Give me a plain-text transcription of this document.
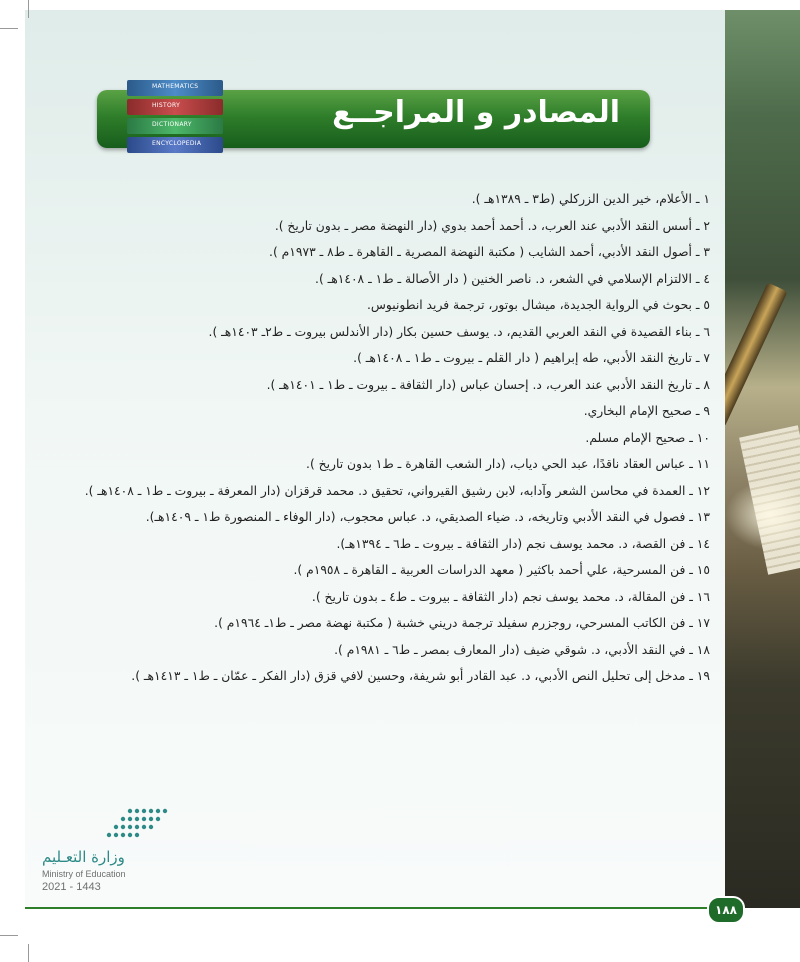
المصادر و المراجــع
MATHEMATICS
HISTORY
DICTIONARY
ENCYCLOPEDIA
١ ـ الأعلام، خير الدين الزركلي (ط٣ ـ ١٣٨٩هـ ).
٢ ـ أسس النقد الأدبي عند العرب، د. أحمد أحمد بدوي (دار النهضة مصر ـ بدون تاريخ ).
٣ ـ أصول النقد الأدبي، أحمد الشايب ( مكتبة النهضة المصرية ـ القاهرة ـ ط٨ ـ ١٩٧٣م ).
٤ ـ الالتزام الإسلامي في الشعر، د. ناصر الخنين ( دار الأصالة ـ ط١ ـ ١٤٠٨هـ ).
٥ ـ بحوث في الرواية الجديدة، ميشال بوتور، ترجمة فريد انطونيوس.
٦ ـ بناء القصيدة في النقد العربي القديم، د. يوسف حسين بكار (دار الأندلس بيروت ـ ط٢ـ ١٤٠٣هـ ).
٧ ـ تاريخ النقد الأدبي، طه إبراهيم ( دار القلم ـ بيروت ـ ط١ ـ ١٤٠٨هـ ).
٨ ـ تاريخ النقد الأدبي عند العرب، د. إحسان عباس (دار الثقافة ـ بيروت ـ ط١ ـ ١٤٠١هـ ).
٩ ـ صحيح الإمام البخاري.
١٠ ـ صحيح الإمام مسلم.
١١ ـ عباس العقاد ناقدًا، عبد الحي دياب، (دار الشعب القاهرة ـ ط١ بدون تاريخ ).
١٢ ـ العمدة في محاسن الشعر وآدابه، لابن رشيق القيرواني، تحقيق د. محمد قرقزان (دار المعرفة ـ بيروت ـ ط١ ـ ١٤٠٨هـ ).
١٣ ـ فصول في النقد الأدبي وتاريخه، د. ضياء الصديقي، د. عباس محجوب، (دار الوفاء ـ المنصورة ط١ ـ ١٤٠٩هـ).
١٤ ـ فن القصة، د. محمد يوسف نجم (دار الثقافة ـ بيروت ـ ط٦ ـ ١٣٩٤هـ).
١٥ ـ فن المسرحية، علي أحمد باكثير ( معهد الدراسات العربية ـ القاهرة ـ ١٩٥٨م ).
١٦ ـ فن المقالة، د. محمد يوسف نجم (دار الثقافة ـ بيروت ـ ط٤ ـ بدون تاريخ ).
١٧ ـ فن الكاتب المسرحي، روجزرم سفيلد ترجمة دريني خشبة ( مكتبة نهضة مصر ـ ط١ـ ١٩٦٤م ).
١٨ ـ في النقد الأدبي، د. شوقي ضيف (دار المعارف بمصر ـ ط٦ ـ ١٩٨١م ).
١٩ ـ مدخل إلى تحليل النص الأدبي، د. عبد القادر أبو شريفة، وحسين لافي قزق (دار الفكر ـ عمّان ـ ط١ ـ ١٤١٣هـ ).
وزارة التعـليم
Ministry of Education
2021 - 1443
١٨٨
